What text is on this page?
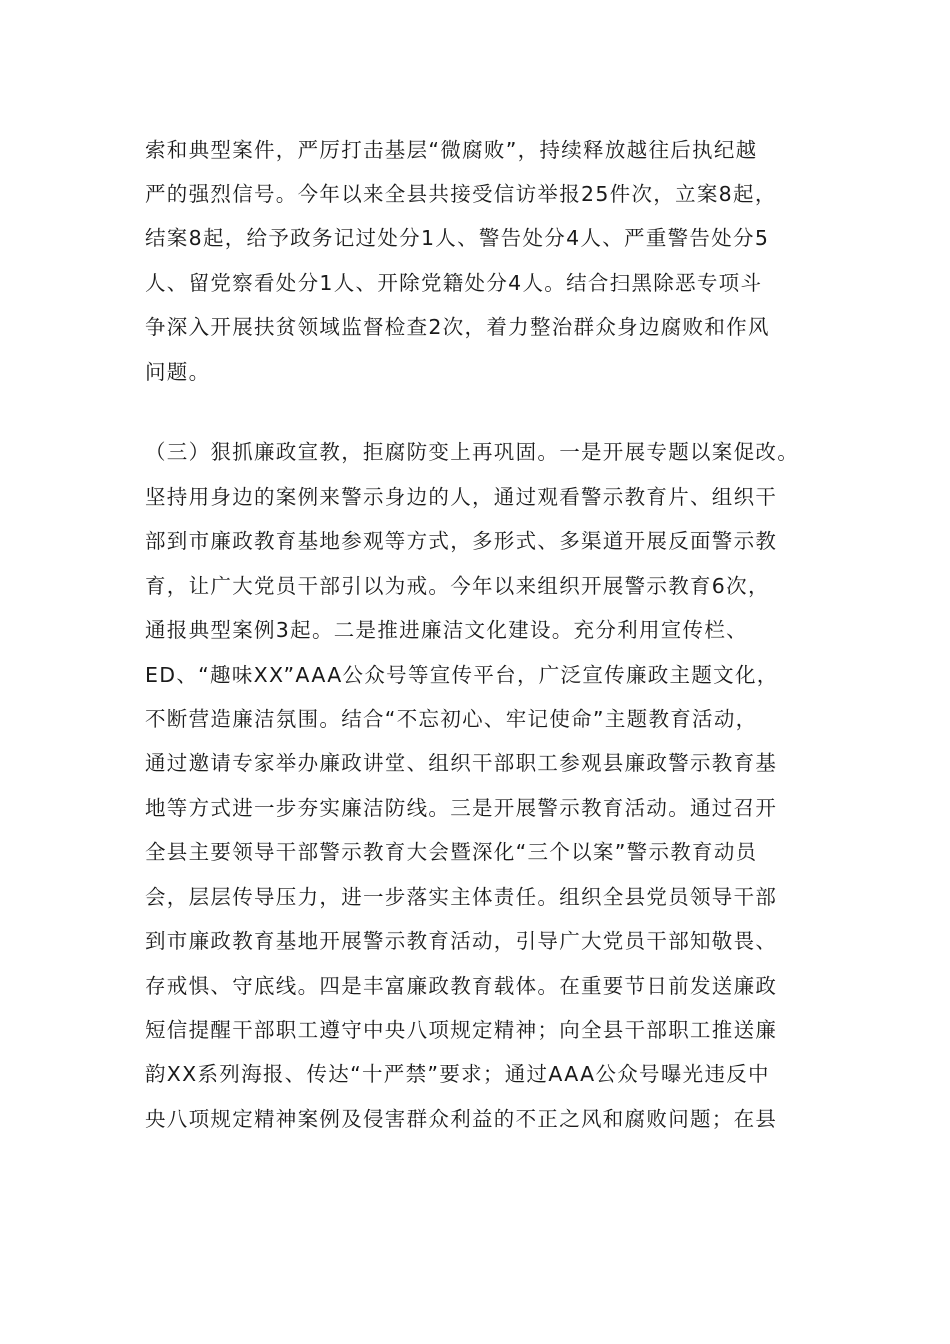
索和典型案件，严厉打击基层“微腐败”，持续释放越往后执纪越
严的强烈信号。今年以来全县共接受信访举报25件次，立案8起，
结案8起，给予政务记过处分1人、警告处分4人、严重警告处分5
人、留党察看处分1人、开除党籍处分4人。结合扫黑除恶专项斗
争深入开展扶贫领域监督检查2次，着力整治群众身边腐败和作风
问题。
（三）狠抓廉政宣教，拒腐防变上再巩固。一是开展专题以案促改。
坚持用身边的案例来警示身边的人，通过观看警示教育片、组织干
部到市廉政教育基地参观等方式，多形式、多渠道开展反面警示教
育，让广大党员干部引以为戒。今年以来组织开展警示教育6次，
通报典型案例3起。二是推进廉洁文化建设。充分利用宣传栏、
ED、“趣味XX”AAA公众号等宣传平台，广泛宣传廉政主题文化，
不断营造廉洁氛围。结合“不忘初心、牢记使命”主题教育活动，
通过邀请专家举办廉政讲堂、组织干部职工参观县廉政警示教育基
地等方式进一步夯实廉洁防线。三是开展警示教育活动。通过召开
全县主要领导干部警示教育大会暨深化“三个以案”警示教育动员
会，层层传导压力，进一步落实主体责任。组织全县党员领导干部
到市廉政教育基地开展警示教育活动，引导广大党员干部知敬畏、
存戒惧、守底线。四是丰富廉政教育载体。在重要节日前发送廉政
短信提醒干部职工遵守中央八项规定精神；向全县干部职工推送廉
韵XX系列海报、传达“十严禁”要求；通过AAA公众号曝光违反中
央八项规定精神案例及侵害群众利益的不正之风和腐败问题；在县
